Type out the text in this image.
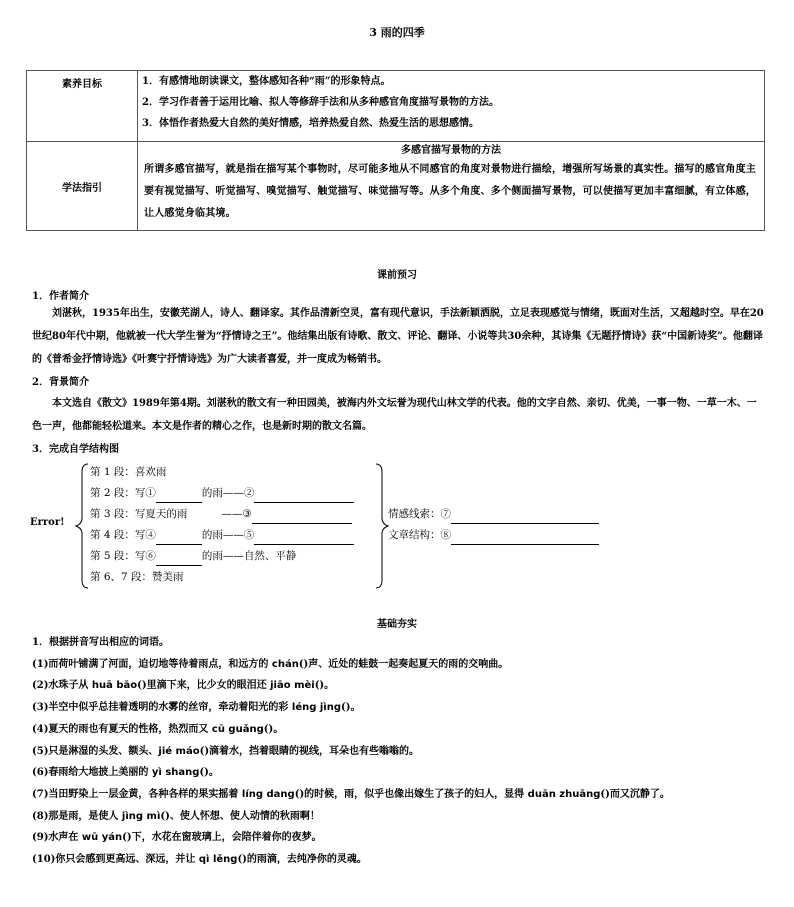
3 雨的四季
素养目标	1．有感情地朗读课文，整体感知各种“雨”的形象特点。
2．学习作者善于运用比喻、拟人等修辞手法和从多种感官角度描写景物的方法。
3．体悟作者热爱大自然的美好情感，培养热爱自然、热爱生活的思想感情。

学法指引	多感官描写景物的方法
所谓多感官描写，就是指在描写某个事物时，尽可能多地从不同感官的角度对景物进行描绘，增强所写场景的真实性。描写的感官角度主要有视觉描写、听觉描写、嗅觉描写、触觉描写、味觉描写等。从多个角度、多个侧面描写景物，可以使描写更加丰富细腻，有立体感，让人感觉身临其境。
课前预习
1．作者简介
刘湛秋，1935年出生，安徽芜湖人，诗人、翻译家。其作品清新空灵，富有现代意识，手法新颖洒脱，立足表现感觉与情绪，既面对生活，又超越时空。早在20世纪80年代中期，他就被一代大学生誉为“抒情诗之王”。他结集出版有诗歌、散文、评论、翻译、小说等共30余种，其诗集《无题抒情诗》获“中国新诗奖”。他翻译的《普希金抒情诗选》《叶赛宁抒情诗选》为广大读者喜爱，并一度成为畅销书。
2．背景简介
本文选自《散文》1989年第4期。刘湛秋的散文有一种田园美，被海内外文坛誉为现代山林文学的代表。他的文字自然、亲切、优美，一事一物、一草一木、一色一声，他都能轻松道来。本文是作者的精心之作，也是新时期的散文名篇。
3．完成自学结构图
Error!
第 1 段：喜欢雨
第 2 段：写①	的雨——②
第 3 段：写夏天的雨	——③
第 4 段：写④	的雨——⑤
第 5 段：写⑥	的雨——自然、平静
第 6、7 段：赞美雨
情感线索：⑦
文章结构：⑧
基础夯实
1．根据拼音写出相应的词语。
(1)而荷叶铺满了河面，迫切地等待着雨点，和远方的 chán()声、近处的蛙鼓一起奏起夏天的雨的交响曲。
(2)水珠子从 huā bāo()里滴下来，比少女的眼泪还 jiāo mèi()。
(3)半空中似乎总挂着透明的水雾的丝帘，牵动着阳光的彩 léng jìng()。
(4)夏天的雨也有夏天的性格，热烈而又 cū guǎng()。
(5)只是淋湿的头发、额头、jié máo()滴着水，挡着眼睛的视线，耳朵也有些嗡嗡的。
(6)春雨给大地披上美丽的 yì shang()。
(7)当田野染上一层金黄，各种各样的果实摇着 líng dang()的时候，雨，似乎也像出嫁生了孩子的妇人，显得 duān zhuāng()而又沉静了。
(8)那是雨，是使人 jìng mì()、使人怀想、使人动情的秋雨啊！
(9)水声在 wū yán()下，水花在窗玻璃上，会陪伴着你的夜梦。
(10)你只会感到更高远、深远，并让 qì lěng()的雨滴，去纯净你的灵魂。
